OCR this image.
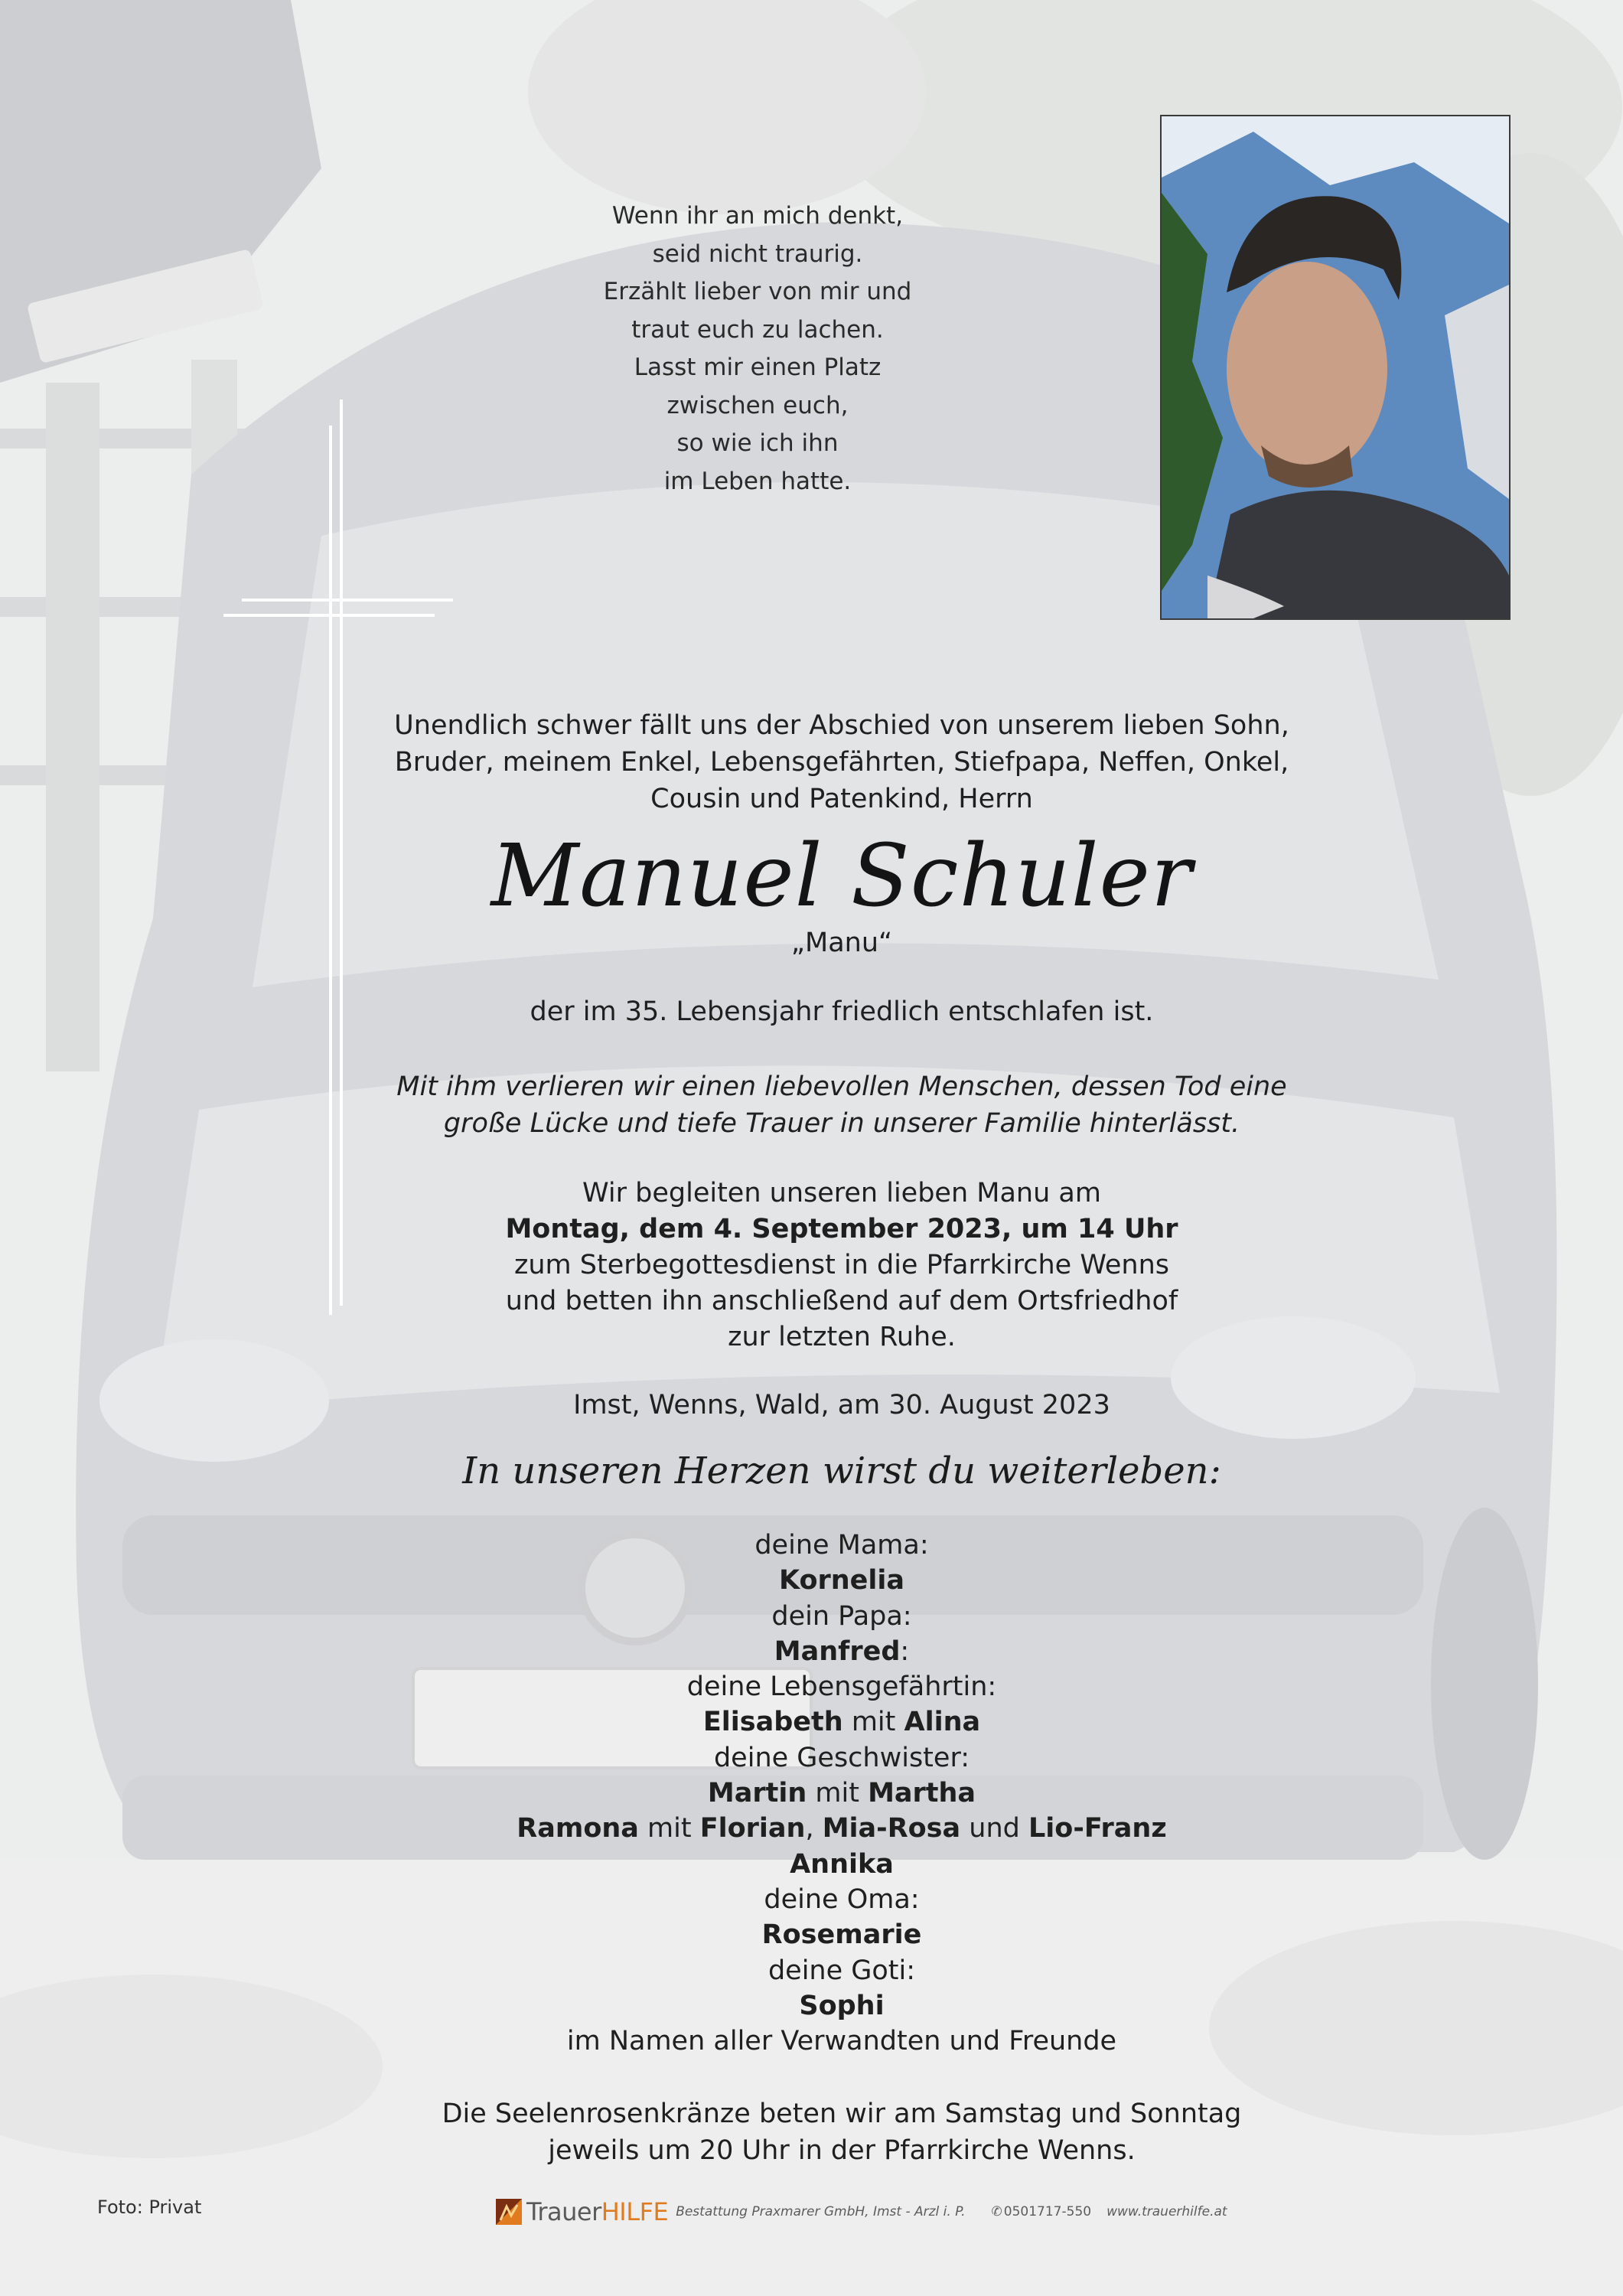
Wenn ihr an mich denkt,
seid nicht traurig.
Erzählt lieber von mir und
traut euch zu lachen.
Lasst mir einen Platz
zwischen euch,
so wie ich ihn
im Leben hatte.
Unendlich schwer fällt uns der Abschied von unserem lieben Sohn,
Bruder, meinem Enkel, Lebensgefährten, Stiefpapa, Neffen, Onkel,
Cousin und Patenkind, Herrn
Manuel Schuler
„Manu“
der im 35. Lebensjahr friedlich entschlafen ist.
Mit ihm verlieren wir einen liebevollen Menschen, dessen Tod eine
große Lücke und tiefe Trauer in unserer Familie hinterlässt.
Wir begleiten unseren lieben Manu am
Montag, dem 4. September 2023, um 14 Uhr
zum Sterbegottesdienst in die Pfarrkirche Wenns
und betten ihn anschließend auf dem Ortsfriedhof
zur letzten Ruhe.
Imst, Wenns, Wald, am 30. August 2023
In unseren Herzen wirst du weiterleben:
deine Mama:
Kornelia
dein Papa:
Manfred:
deine Lebensgefährtin:
Elisabeth mit Alina
deine Geschwister:
Martin mit Martha
Ramona mit Florian, Mia-Rosa und Lio-Franz
Annika
deine Oma:
Rosemarie
deine Goti:
Sophi
im Namen aller Verwandten und Freunde
Die Seelenrosenkränze beten wir am Samstag und Sonntag
jeweils um 20 Uhr in der Pfarrkirche Wenns.
Foto: Privat	TrauerHILFE Bestattung Praxmarer GmbH, Imst - Arzl i. P. ✆ 0501717-550 www.trauerhilfe.at
